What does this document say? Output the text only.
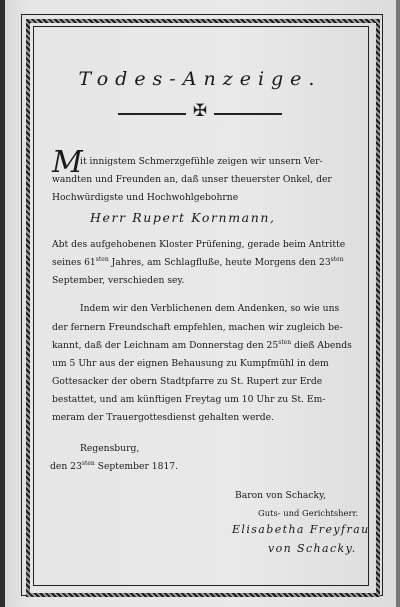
Todes-Anzeige.
✠
M
it innigstem Schmerzgefühle zeigen wir unsern Ver-
wandten und Freunden an, daß unser theuerster Onkel, der
Hochwürdigste und Hochwohlgebohrne
Herr Rupert Kornmann,
Abt des aufgehobenen Kloster Prüfening, gerade beim Antritte
seines $61^{sten}$ Jahres, am Schlagfluße, heute Morgens den $23^{sten}$
September, verschieden sey.
Indem wir den Verblichenen dem Andenken, so wie uns
der fernern Freundschaft empfehlen, machen wir zugleich be-
kannt, daß der Leichnam am Donnerstag den $25^{sten}$ dieß Abends
um 5 Uhr aus der eignen Behausung zu Kumpfmühl in dem
Gottesacker der obern Stadtpfarre zu St. Rupert zur Erde
bestattet, und am künftigen Freytag um 10 Uhr zu St. Em-
meram der Trauergottesdienst gehalten werde.
Regensburg,
den $23^{sten}$ September 1817.
Baron von Schacky,
Guts- und Gerichtsherr.
Elisabetha Freyfrau
von Schacky.
